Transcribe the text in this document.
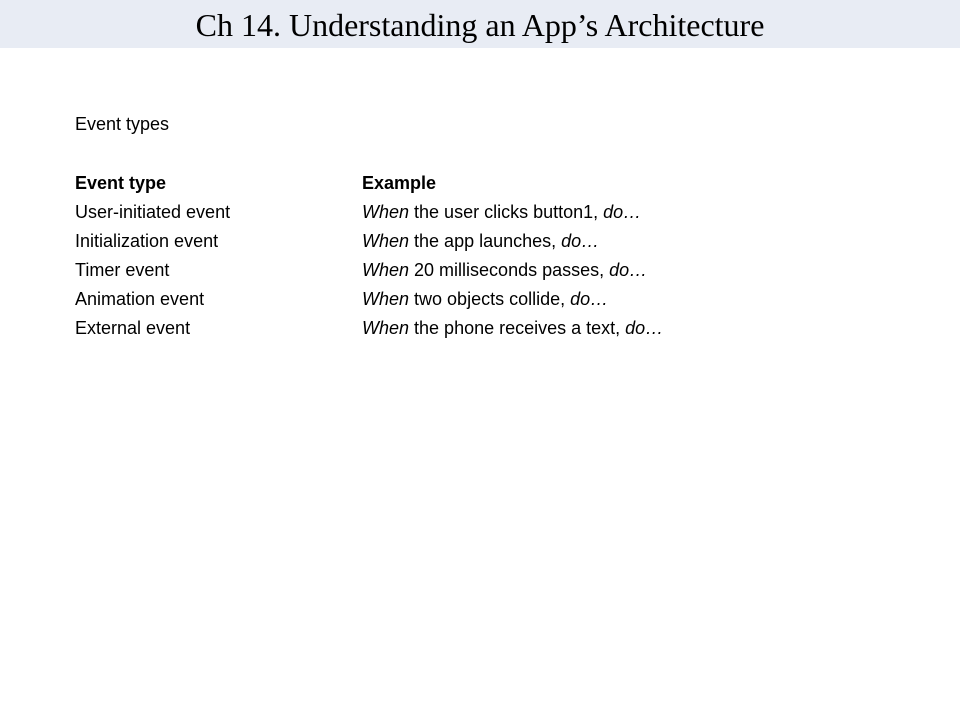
Ch 14. Understanding an App’s Architecture
Event types
Event type	Example
User-initiated event	When the user clicks button1, do…
Initialization event	When the app launches, do…
Timer event	When 20 milliseconds passes, do…
Animation event	When two objects collide, do…
External event	When the phone receives a text, do…
